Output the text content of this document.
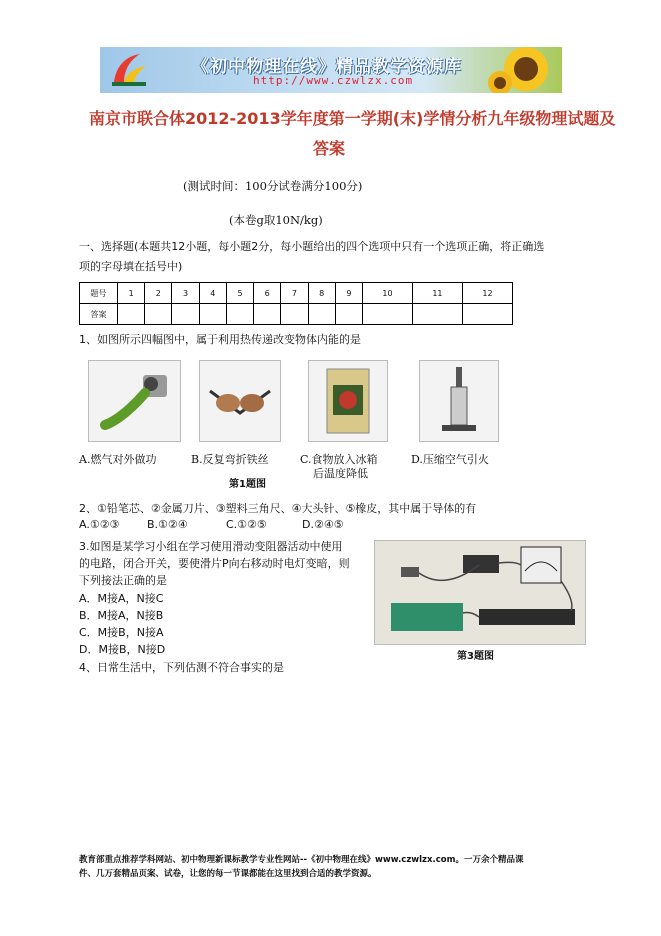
《初中物理在线》精品教学资源库
http://www.czwlzx.com
南京市联合体2012-2013学年度第一学期(末)学情分析九年级物理试题及
答案
(测试时间：100分试卷满分100分)
(本卷g取10N/kg)
一、选择题(本题共12小题，每小题2分，每小题给出的四个选项中只有一个选项正确，将正确选
项的字母填在括号中)
题号	1	2	3	4	5	6	7	8	9	10	11	12
答案												
1、如图所示四幅图中，属于利用热传递改变物体内能的是
A.燃气对外做功	B.反复弯折铁丝	C.食物放入冰箱
后温度降低
D.压缩空气引火
第1题图
2、①铅笔芯、②金属刀片、③塑料三角尺、④大头针、⑤橡皮，其中属于导体的有
A.①②③	B.①②④	C.①②⑤	D.②④⑤
3.如图是某学习小组在学习使用滑动变阻器活动中使用
的电路，闭合开关，要使滑片P向右移动时电灯变暗，则
下列接法正确的是
A．M接A，N接C
B．M接A，N接B
C．M接B，N接A
D．M接B，N接D
第3题图
4、日常生活中，下列估测不符合事实的是
教育部重点推荐学科网站、初中物理新课标教学专业性网站--《初中物理在线》www.czwlzx.com。一万余个精品课
件、几万套精品页案、试卷，让您的每一节课都能在这里找到合适的教学资源。
